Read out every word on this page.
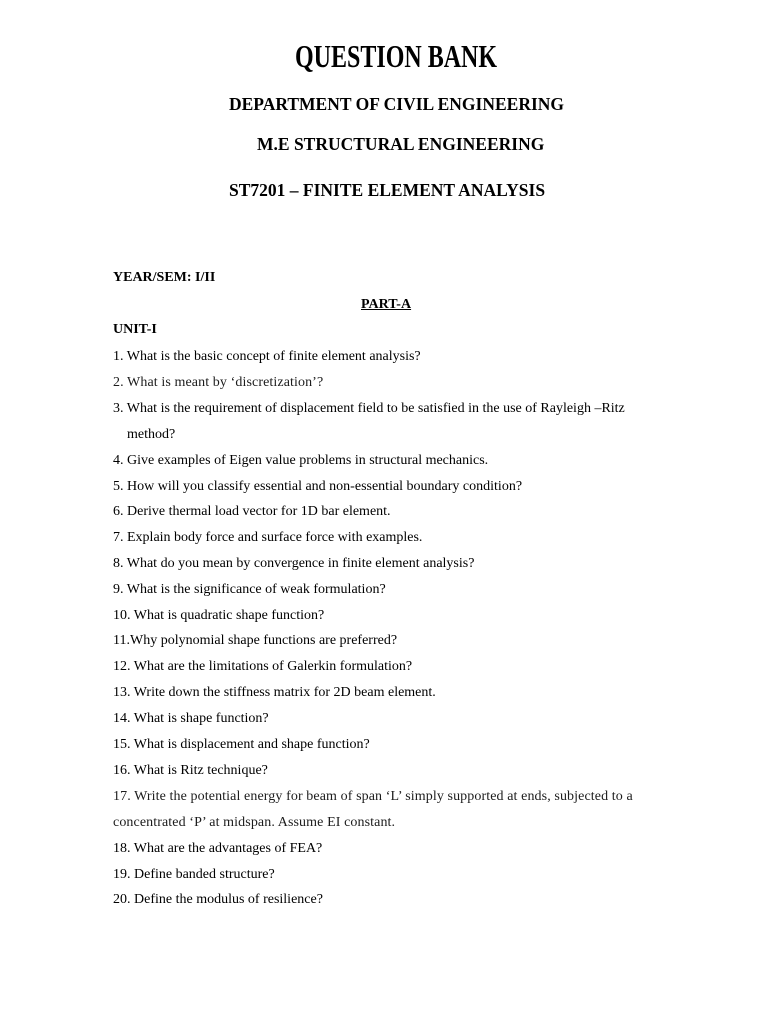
QUESTION BANK
DEPARTMENT OF CIVIL ENGINEERING
M.E STRUCTURAL ENGINEERING
ST7201 – FINITE ELEMENT ANALYSIS
YEAR/SEM: I/II
PART-A
UNIT-I
1. What is the basic concept of finite element analysis?
2. What is meant by ‘discretization’?
3. What is the requirement of displacement field to be satisfied in the use of Rayleigh –Ritz
method?
4. Give examples of Eigen value problems in structural mechanics.
5. How will you classify essential and non-essential boundary condition?
6. Derive thermal load vector for 1D bar element.
7. Explain body force and surface force with examples.
8. What do you mean by convergence in finite element analysis?
9. What is the significance of weak formulation?
10. What is quadratic shape function?
11.Why polynomial shape functions are preferred?
12. What are the limitations of Galerkin formulation?
13. Write down the stiffness matrix for 2D beam element.
14. What is shape function?
15. What is displacement and shape function?
16. What is Ritz technique?
17. Write the potential energy for beam of span ‘L’ simply supported at ends, subjected to a
concentrated ‘P’ at midspan. Assume EI constant.
18. What are the advantages of FEA?
19. Define banded structure?
20. Define the modulus of resilience?
